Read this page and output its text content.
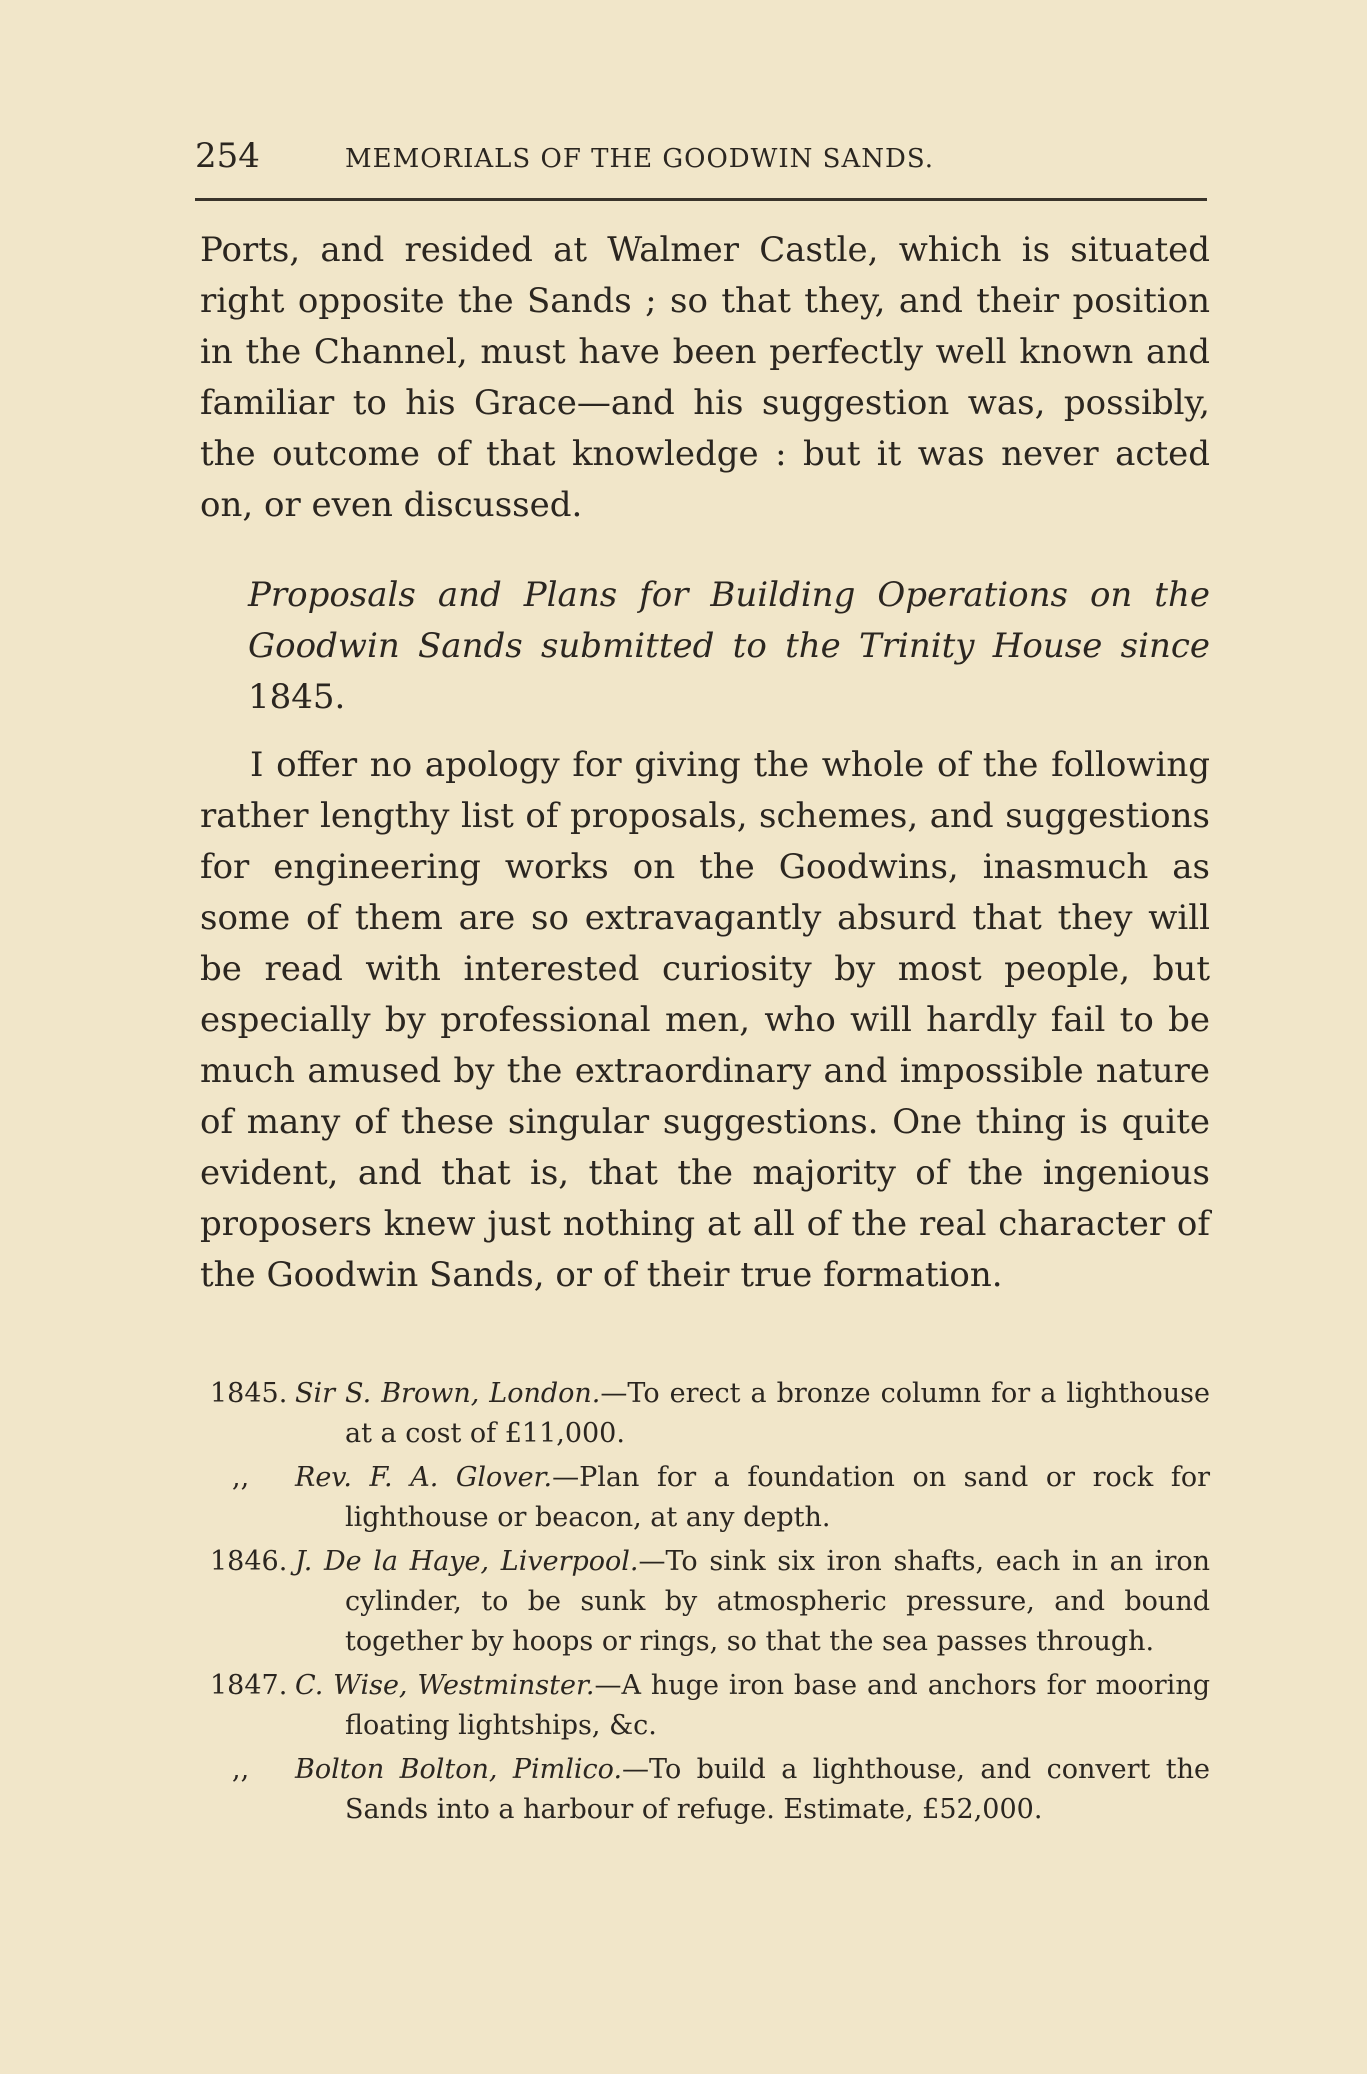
254	MEMORIALS OF THE GOODWIN SANDS.

Ports, and resided at Walmer Castle, which is situated right opposite the Sands ; so that they, and their position in the Channel, must have been perfectly well known and familiar to his Grace—and his suggestion was, possibly, the outcome of that knowledge : but it was never acted on, or even discussed.

Proposals and Plans for Building Operations on the Goodwin Sands submitted to the Trinity House since 1845.

I offer no apology for giving the whole of the following rather lengthy list of proposals, schemes, and suggestions for engineering works on the Goodwins, inasmuch as some of them are so extravagantly absurd that they will be read with interested curiosity by most people, but especially by professional men, who will hardly fail to be much amused by the extraordinary and impossible nature of many of these singular suggestions. One thing is quite evident, and that is, that the majority of the ingenious proposers knew just nothing at all of the real character of the Goodwin Sands, or of their true formation.

1845. Sir S. Brown, London.—To erect a bronze column for a lighthouse at a cost of £11,000.
,,	Rev. F. A. Glover.—Plan for a foundation on sand or rock for lighthouse or beacon, at any depth.
1846. J. De la Haye, Liverpool.—To sink six iron shafts, each in an iron cylinder, to be sunk by atmospheric pressure, and bound together by hoops or rings, so that the sea passes through.
1847. C. Wise, Westminster.—A huge iron base and anchors for mooring floating lightships, &c.
,,	Bolton Bolton, Pimlico.—To build a lighthouse, and convert the Sands into a harbour of refuge. Estimate, £52,000.
